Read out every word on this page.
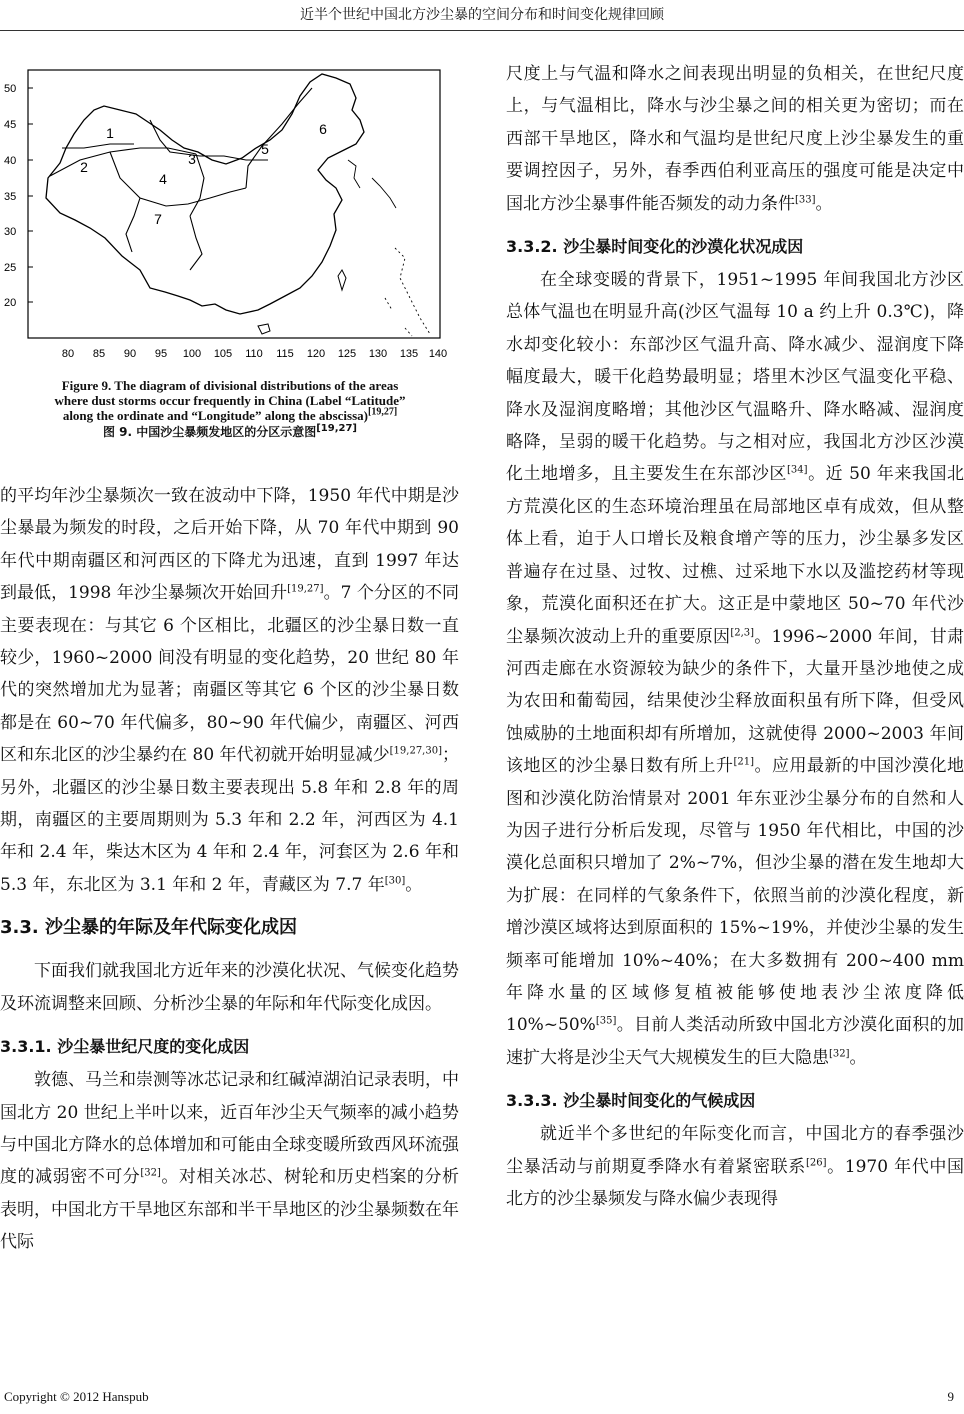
近半个世纪中国北方沙尘暴的空间分布和时间变化规律回顾
50
45
40
35
30
25
20
80 85 90 95 100 105 110 115 120 125 130 135 140
1
2	3
4
5
6
7
Figure 9. The diagram of divisional distributions of the areas
where dust storms occur frequently in China (Label “Latitude”
along the ordinate and “Longitude” along the abscissa)[19,27]
图 9. 中国沙尘暴频发地区的分区示意图[19,27]

的平均年沙尘暴频次一致在波动中下降，1950 年代中期是沙尘暴最为频发的时段，之后开始下降，从 70 年代中期到 90 年代中期南疆区和河西区的下降尤为迅速，直到 1997 年达到最低，1998 年沙尘暴频次开始回升[19,27]。7 个分区的不同主要表现在：与其它 6 个区相比，北疆区的沙尘暴日数一直较少，1960~2000 间没有明显的变化趋势，20 世纪 80 年代的突然增加尤为显著；南疆区等其它 6 个区的沙尘暴日数都是在 60~70 年代偏多，80~90 年代偏少，南疆区、河西区和东北区的沙尘暴约在 80 年代初就开始明显减少[19,27,30]；另外，北疆区的沙尘暴日数主要表现出 5.8 年和 2.8 年的周期，南疆区的主要周期则为 5.3 年和 2.2 年，河西区为 4.1 年和 2.4 年，柴达木区为 4 年和 2.4 年，河套区为 2.6 年和 5.3 年，东北区为 3.1 年和 2 年，青藏区为 7.7 年[30]。

3.3. 沙尘暴的年际及年代际变化成因

下面我们就我国北方近年来的沙漠化状况、气候变化趋势及环流调整来回顾、分析沙尘暴的年际和年代际变化成因。

3.3.1. 沙尘暴世纪尺度的变化成因

敦德、马兰和崇测等冰芯记录和红碱淖湖泊记录表明，中国北方 20 世纪上半叶以来，近百年沙尘天气频率的减小趋势与中国北方降水的总体增加和可能由全球变暖所致西风环流强度的减弱密不可分[32]。对相关冰芯、树轮和历史档案的分析表明，中国北方干旱地区东部和半干旱地区的沙尘暴频数在年代际

尺度上与气温和降水之间表现出明显的负相关，在世纪尺度上，与气温相比，降水与沙尘暴之间的相关更为密切；而在西部干旱地区，降水和气温均是世纪尺度上沙尘暴发生的重要调控因子，另外，春季西伯利亚高压的强度可能是决定中国北方沙尘暴事件能否频发的动力条件[33]。

3.3.2. 沙尘暴时间变化的沙漠化状况成因

在全球变暖的背景下，1951~1995 年间我国北方沙区总体气温也在明显升高(沙区气温每 10 a 约上升 0.3℃)，降水却变化较小：东部沙区气温升高、降水减少、湿润度下降幅度最大，暖干化趋势最明显；塔里木沙区气温变化平稳、降水及湿润度略增；其他沙区气温略升、降水略减、湿润度略降，呈弱的暖干化趋势。与之相对应，我国北方沙区沙漠化土地增多，且主要发生在东部沙区[34]。近 50 年来我国北方荒漠化区的生态环境治理虽在局部地区卓有成效，但从整体上看，迫于人口增长及粮食增产等的压力，沙尘暴多发区普遍存在过垦、过牧、过樵、过采地下水以及滥挖药材等现象，荒漠化面积还在扩大。这正是中蒙地区 50~70 年代沙尘暴频次波动上升的重要原因[2,3]。1996~2000 年间，甘肃河西走廊在水资源较为缺少的条件下，大量开垦沙地使之成为农田和葡萄园，结果使沙尘释放面积虽有所下降，但受风蚀威胁的土地面积却有所增加，这就使得 2000~2003 年间该地区的沙尘暴日数有所上升[21]。应用最新的中国沙漠化地图和沙漠化防治情景对 2001 年东亚沙尘暴分布的自然和人为因子进行分析后发现，尽管与 1950 年代相比，中国的沙漠化总面积只增加了 2%~7%，但沙尘暴的潜在发生地却大为扩展：在同样的气象条件下，依照当前的沙漠化程度，新增沙漠区域将达到原面积的 15%~19%，并使沙尘暴的发生频率可能增加 10%~40%；在大多数拥有 200~400 mm 年降水量的区域修复植被能够使地表沙尘浓度降低 10%~50%[35]。目前人类活动所致中国北方沙漠化面积的加速扩大将是沙尘天气大规模发生的巨大隐患[32]。

3.3.3. 沙尘暴时间变化的气候成因

就近半个多世纪的年际变化而言，中国北方的春季强沙尘暴活动与前期夏季降水有着紧密联系[26]。1970 年代中国北方的沙尘暴频发与降水偏少表现得

Copyright © 2012 Hanspub	9
